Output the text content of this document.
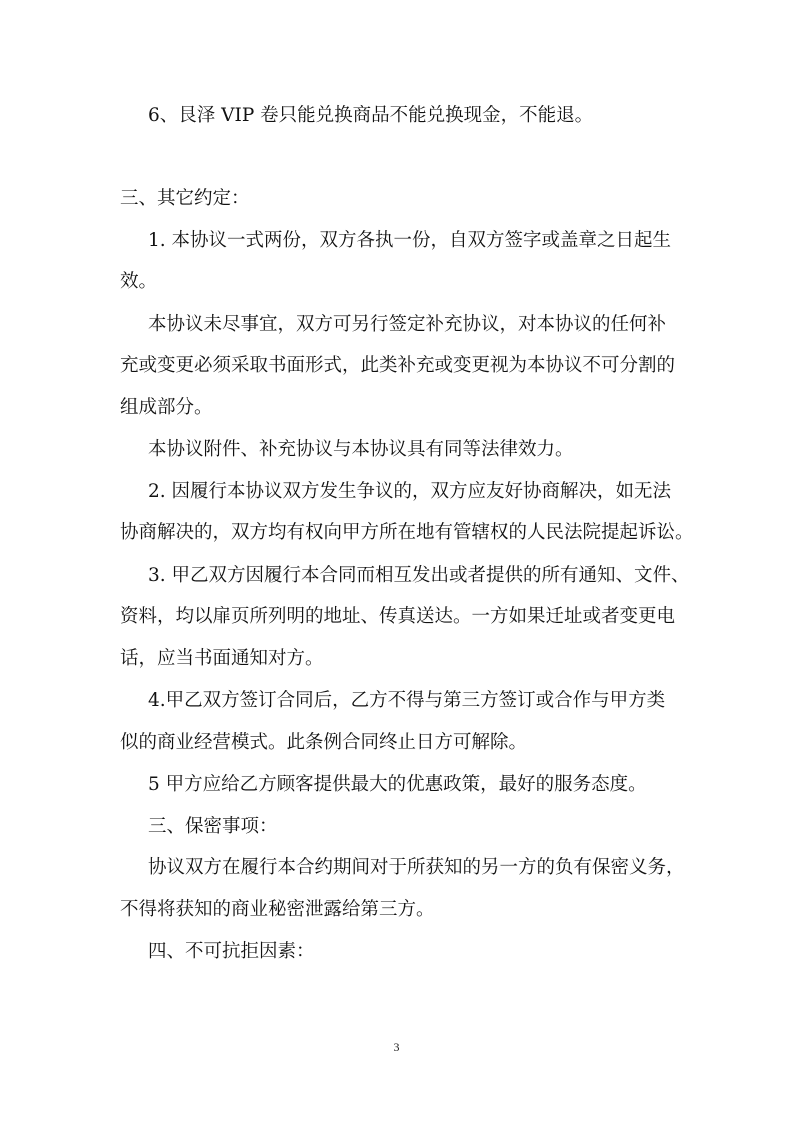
6、艮泽 VIP 卷只能兑换商品不能兑换现金，不能退。
三、其它约定：
1. 本协议一式两份，双方各执一份，自双方签字或盖章之日起生
效。
本协议未尽事宜，双方可另行签定补充协议，对本协议的任何补
充或变更必须采取书面形式，此类补充或变更视为本协议不可分割的
组成部分。
本协议附件、补充协议与本协议具有同等法律效力。
2. 因履行本协议双方发生争议的，双方应友好协商解决，如无法
协商解决的，双方均有权向甲方所在地有管辖权的人民法院提起诉讼。
3. 甲乙双方因履行本合同而相互发出或者提供的所有通知、文件、
资料，均以扉页所列明的地址、传真送达。一方如果迁址或者变更电
话，应当书面通知对方。
4.甲乙双方签订合同后，乙方不得与第三方签订或合作与甲方类
似的商业经营模式。此条例合同终止日方可解除。
5 甲方应给乙方顾客提供最大的优惠政策，最好的服务态度。
三、保密事项：
协议双方在履行本合约期间对于所获知的另一方的负有保密义务，
不得将获知的商业秘密泄露给第三方。
四、不可抗拒因素：
3
